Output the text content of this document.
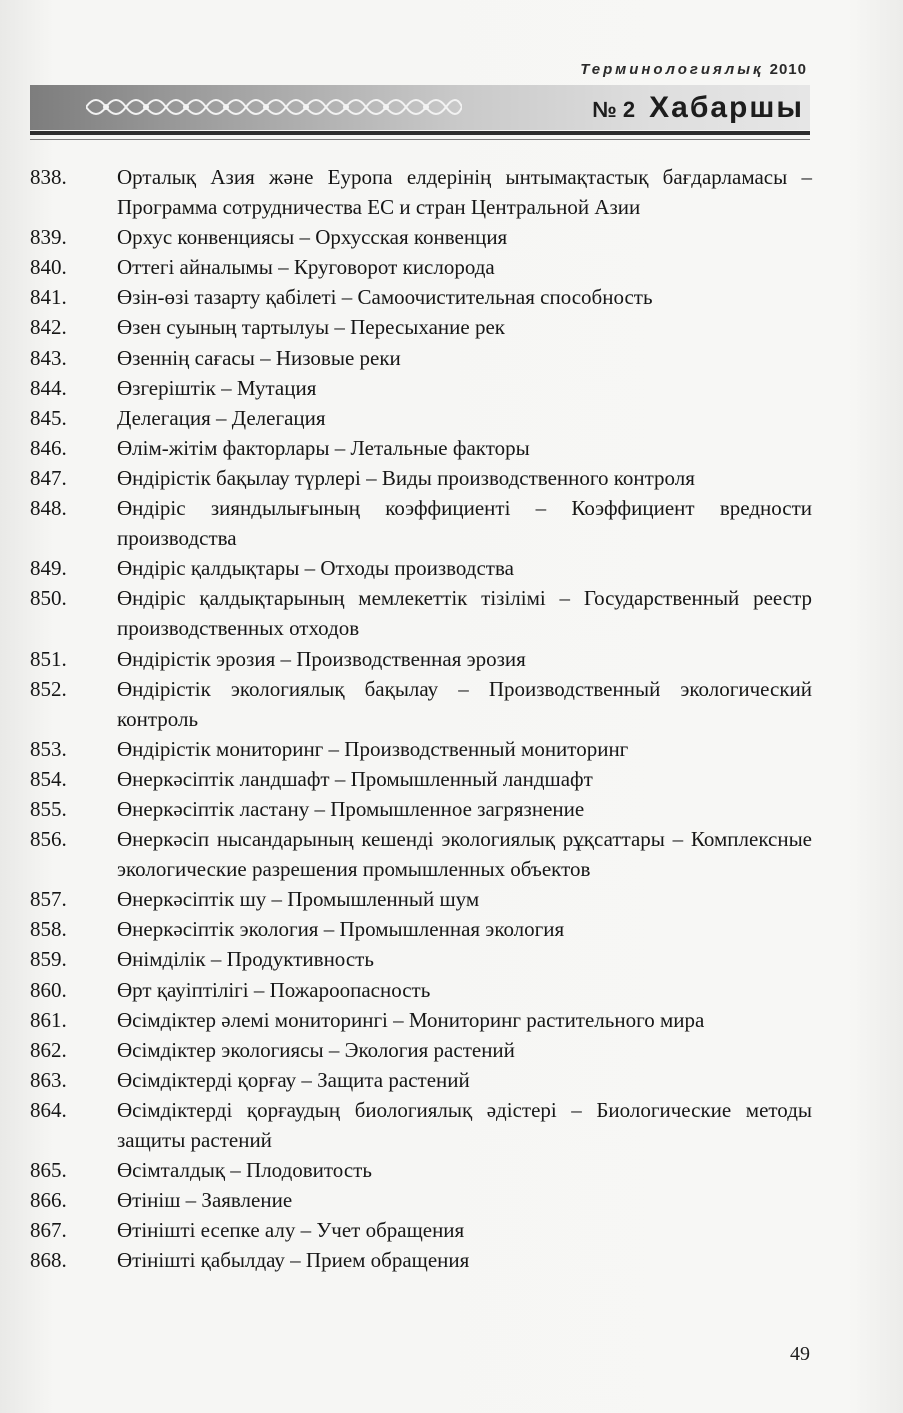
Терминологиялық 2010
№ 2 Хабаршы
838. Орталық Азия және Еуропа елдерінің ынтымақтастық бағдарламасы – Программа сотрудничества ЕС и стран Центральной Азии
839. Орхус конвенциясы – Орхусская конвенция
840. Оттегі айналымы – Круговорот кислорода
841. Өзін-өзі тазарту қабілеті – Самоочистительная способность
842. Өзен суының тартылуы – Пересыхание рек
843. Өзеннің сағасы – Низовые реки
844. Өзгерiштiк – Мутация
845. Делегация – Делегация
846. Өлім-жітім факторлары – Летальные факторы
847. Өндірістік бақылау түрлері – Виды производственного контроля
848. Өндіріс зияндылығының коэффициенті – Коэффициент вредности производства
849. Өндіріс қалдықтары – Отходы производства
850. Өндіріс қалдықтарының мемлекеттік тізілімі – Государственный реестр производственных отходов
851. Өндірістік эрозия – Производственная эрозия
852. Өндірістік экологиялық бақылау – Производственный экологический контроль
853. Өндірістік мониторинг – Производственный мониторинг
854. Өнеркәсіптік ландшафт – Промышленный ландшафт
855. Өнеркәсіптік ластану – Промышленное загрязнение
856. Өнеркәсіп нысандарының кешенді экологиялық рұқсаттары – Комплексные экологические разрешения промышленных объектов
857. Өнеркәсіптік шу – Промышленный шум
858. Өнеркәсіптік экология – Промышленная экология
859. Өнімділік – Продуктивность
860. Өрт қауіптілігі – Пожароопасность
861. Өсімдіктер әлемі мониторингі – Мониторинг растительного мира
862. Өсімдіктер экологиясы – Экология растений
863. Өсімдіктерді қорғау – Защита растений
864. Өсімдіктерді қорғаудың биологиялық әдістері – Биологические методы защиты растений
865. Өсімталдық – Плодовитость
866. Өтініш – Заявление
867. Өтінішті есепке алу – Учет обращения
868. Өтінішті қабылдау – Прием обращения
49
